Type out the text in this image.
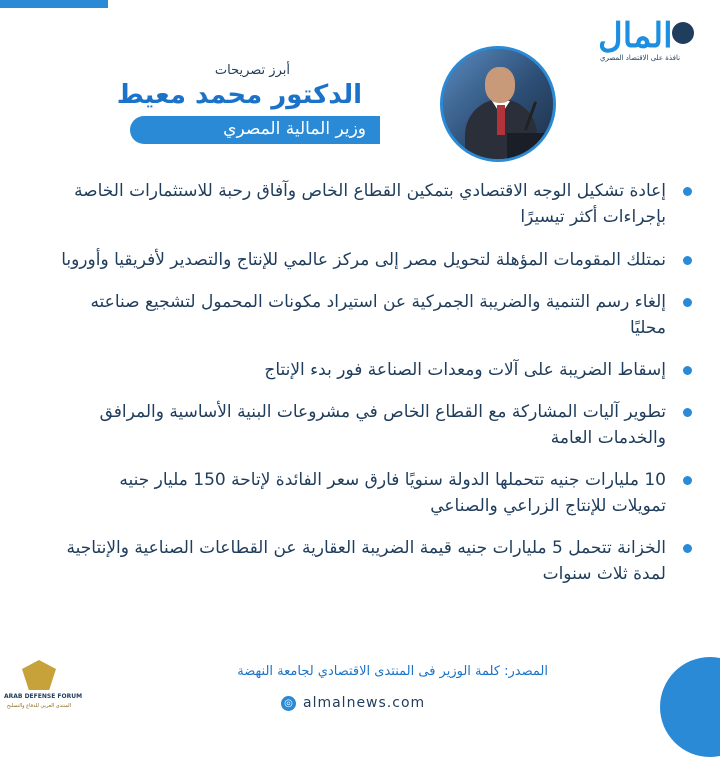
المال
نافذة على الاقتصاد المصري
أبرز تصريحات
الدكتور محمد معيط
وزير المالية المصري
إعادة تشكيل الوجه الاقتصادي بتمكين القطاع الخاص وآفاق رحبة للاستثمارات الخاصة بإجراءات أكثر تيسيرًا
نمتلك المقومات المؤهلة لتحويل مصر إلى مركز عالمي للإنتاج والتصدير لأفريقيا وأوروبا
إلغاء رسم التنمية والضريبة الجمركية عن استيراد مكونات المحمول لتشجيع صناعته محليًا
إسقاط الضريبة على آلات ومعدات الصناعة فور بدء الإنتاج
تطوير آليات المشاركة مع القطاع الخاص في مشروعات البنية الأساسية والمرافق والخدمات العامة
10 مليارات جنيه تتحملها الدولة سنويًا فارق سعر الفائدة لإتاحة 150 مليار جنيه تمويلات للإنتاج الزراعي والصناعي
الخزانة تتحمل 5 مليارات جنيه قيمة الضريبة العقارية عن القطاعات الصناعية والإنتاجية لمدة ثلاث سنوات
المصدر: كلمة الوزير فى المنتدى الاقتصادي لجامعة النهضة
◎ almalnews.com
ARAB DEFENSE FORUM
المنتدى العربي للدفاع والتسليح
